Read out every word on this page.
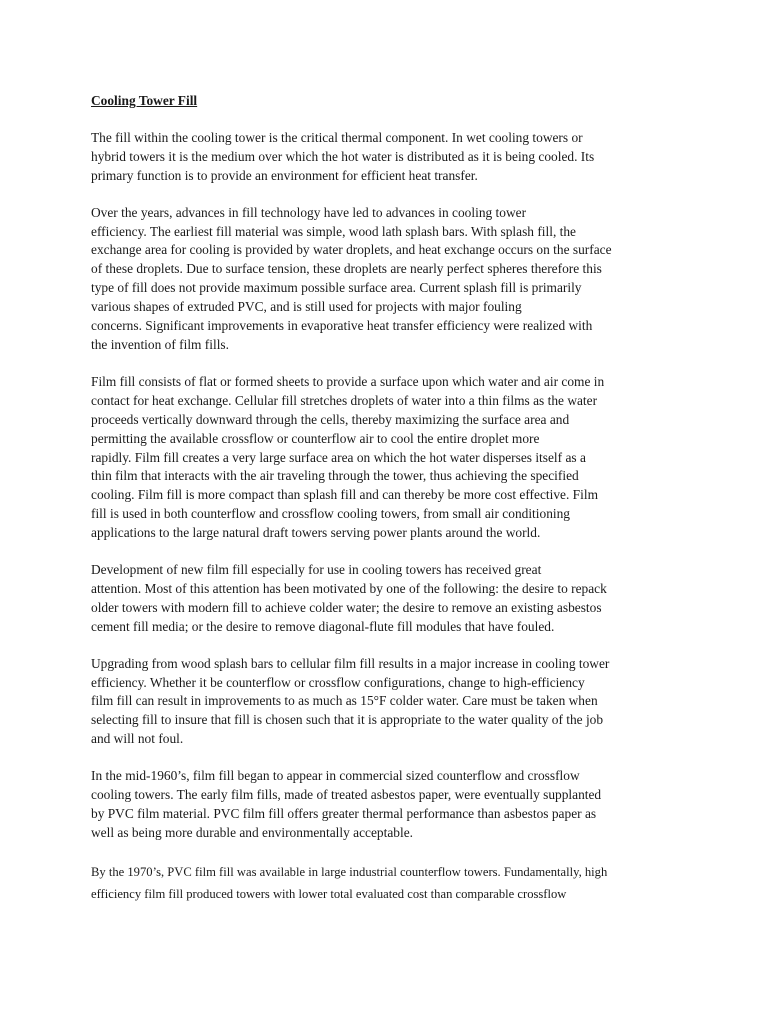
Cooling Tower Fill
The fill within the cooling tower is the critical thermal component. In wet cooling towers or
hybrid towers it is the medium over which the hot water is distributed as it is being cooled. Its
primary function is to provide an environment for efficient heat transfer.
Over the years, advances in fill technology have led to advances in cooling tower
efficiency. The earliest fill material was simple, wood lath splash bars. With splash fill, the
exchange area for cooling is provided by water droplets, and heat exchange occurs on the surface
of these droplets. Due to surface tension, these droplets are nearly perfect spheres therefore this
type of fill does not provide maximum possible surface area. Current splash fill is primarily
various shapes of extruded PVC, and is still used for projects with major fouling
concerns. Significant improvements in evaporative heat transfer efficiency were realized with
the invention of film fills.
Film fill consists of flat or formed sheets to provide a surface upon which water and air come in
contact for heat exchange. Cellular fill stretches droplets of water into a thin films as the water
proceeds vertically downward through the cells, thereby maximizing the surface area and
permitting the available crossflow or counterflow air to cool the entire droplet more
rapidly. Film fill creates a very large surface area on which the hot water disperses itself as a
thin film that interacts with the air traveling through the tower, thus achieving the specified
cooling. Film fill is more compact than splash fill and can thereby be more cost effective. Film
fill is used in both counterflow and crossflow cooling towers, from small air conditioning
applications to the large natural draft towers serving power plants around the world.
Development of new film fill especially for use in cooling towers has received great
attention. Most of this attention has been motivated by one of the following: the desire to repack
older towers with modern fill to achieve colder water; the desire to remove an existing asbestos
cement fill media; or the desire to remove diagonal-flute fill modules that have fouled.
Upgrading from wood splash bars to cellular film fill results in a major increase in cooling tower
efficiency. Whether it be counterflow or crossflow configurations, change to high-efficiency
film fill can result in improvements to as much as 15°F colder water. Care must be taken when
selecting fill to insure that fill is chosen such that it is appropriate to the water quality of the job
and will not foul.
In the mid-1960’s, film fill began to appear in commercial sized counterflow and crossflow
cooling towers. The early film fills, made of treated asbestos paper, were eventually supplanted
by PVC film material. PVC film fill offers greater thermal performance than asbestos paper as
well as being more durable and environmentally acceptable.
By the 1970’s, PVC film fill was available in large industrial counterflow towers. Fundamentally, high
efficiency film fill produced towers with lower total evaluated cost than comparable crossflow
